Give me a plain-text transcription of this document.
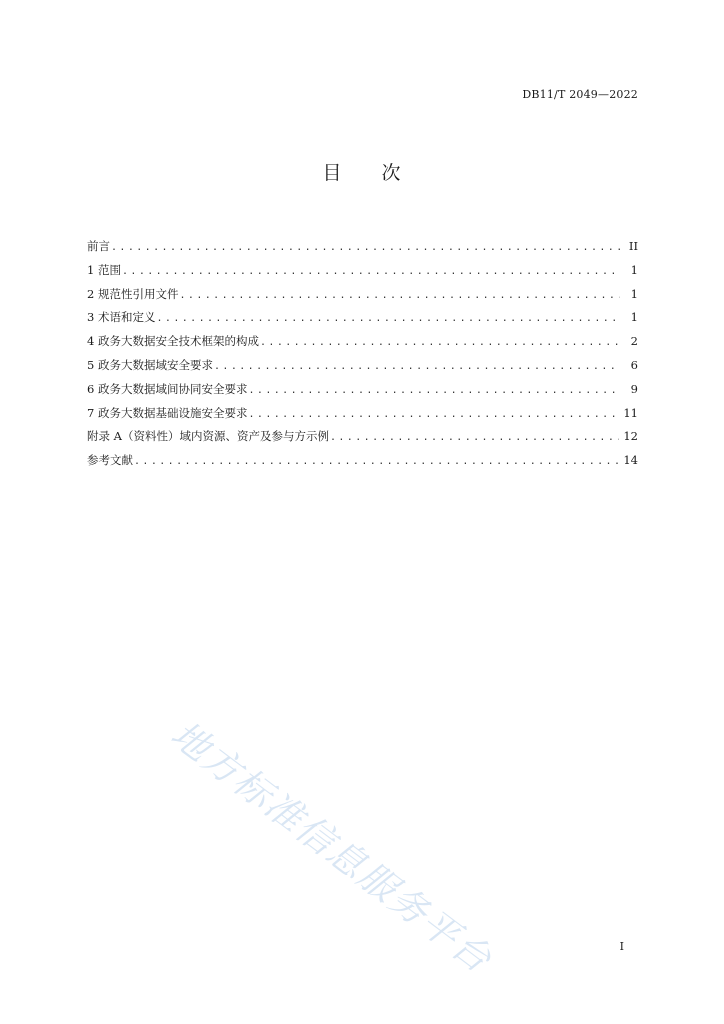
DB11/T 2049—2022
目 次
前言 .....	II
1 范围 .....	1
2 规范性引用文件 .....	1
3 术语和定义 .....	1
4 政务大数据安全技术框架的构成 .....	2
5 政务大数据域安全要求 .....	6
6 政务大数据域间协同安全要求 .....	9
7 政务大数据基础设施安全要求 .....	11
附录 A（资料性）域内资源、资产及参与方示例 .....	12
参考文献 .....	14
地方标准信息服务平台	I
